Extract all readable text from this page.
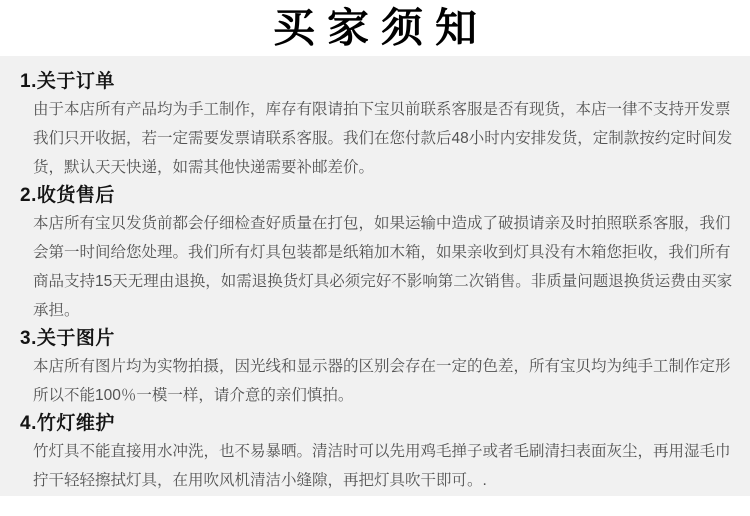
买家须知
1.关于订单
由于本店所有产品均为手工制作，库存有限请拍下宝贝前联系客服是否有现货，本店一律不支持开发票
我们只开收据，若一定需要发票请联系客服。我们在您付款后48小时内安排发货，定制款按约定时间发
货，默认天天快递，如需其他快递需要补邮差价。
2.收货售后
本店所有宝贝发货前都会仔细检查好质量在打包，如果运输中造成了破损请亲及时拍照联系客服，我们
会第一时间给您处理。我们所有灯具包装都是纸箱加木箱，如果亲收到灯具没有木箱您拒收，我们所有
商品支持15天无理由退换，如需退换货灯具必须完好不影响第二次销售。非质量问题退换货运费由买家
承担。
3.关于图片
本店所有图片均为实物拍摄，因光线和显示器的区别会存在一定的色差，所有宝贝均为纯手工制作定形
所以不能100％一模一样，请介意的亲们慎拍。
4.竹灯维护
竹灯具不能直接用水冲洗，也不易暴晒。清洁时可以先用鸡毛掸子或者毛刷清扫表面灰尘，再用湿毛巾
拧干轻轻擦拭灯具，在用吹风机清洁小缝隙，再把灯具吹干即可。.
